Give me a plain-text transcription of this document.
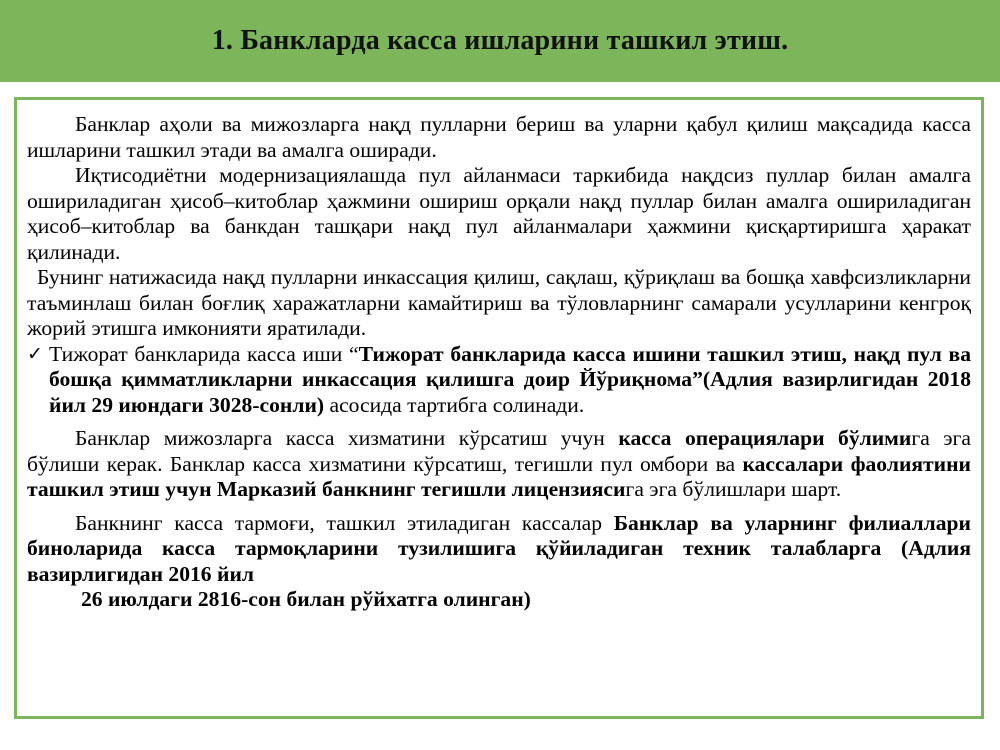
1. Банкларда касса ишларини ташкил этиш.

Банклар аҳоли ва мижозларга нақд пулларни бериш ва уларни қабул қилиш мақсадида касса ишларини ташкил этади ва амалга оширади.

Иқтисодиётни модернизациялашда пул айланмаси таркибида нақдсиз пуллар билан амалга ошириладиган ҳисоб–китоблар ҳажмини ошириш орқали нақд пуллар билан амалга ошириладиган ҳисоб–китоблар ва банкдан ташқари нақд пул айланмалари ҳажмини қисқартиришга ҳаракат қилинади.

Бунинг натижасида нақд пулларни инкассация қилиш, сақлаш, қўриқлаш ва бошқа хавфсизликларни таъминлаш билан боғлиқ харажатларни камайтириш ва тўловларнинг самарали усулларини кенгроқ жорий этишга имконияти яратилади.

✓ Тижорат банкларида касса иши “Тижорат банкларида касса ишини ташкил этиш, нақд пул ва бошқа қимматликларни инкассация қилишга доир Йўриқнома”(Адлия вазирлигидан 2018 йил 29 июндаги 3028-сонли) асосида тартибга солинади.

Банклар мижозларга касса хизматини кўрсатиш учун касса операциялари бўлимига эга бўлиши керак. Банклар касса хизматини кўрсатиш, тегишли пул омбори ва кассалари фаолиятини ташкил этиш учун Марказий банкнинг тегишли лицензиясига эга бўлишлари шарт.

Банкнинг касса тармоғи, ташкил этиладиган кассалар Банклар ва уларнинг филиаллари биноларида касса тармоқларини тузилишига қўйиладиган техник талабларга (Адлия вазирлигидан 2016 йил

26 июлдаги 2816-сон билан рўйхатга олинган)
